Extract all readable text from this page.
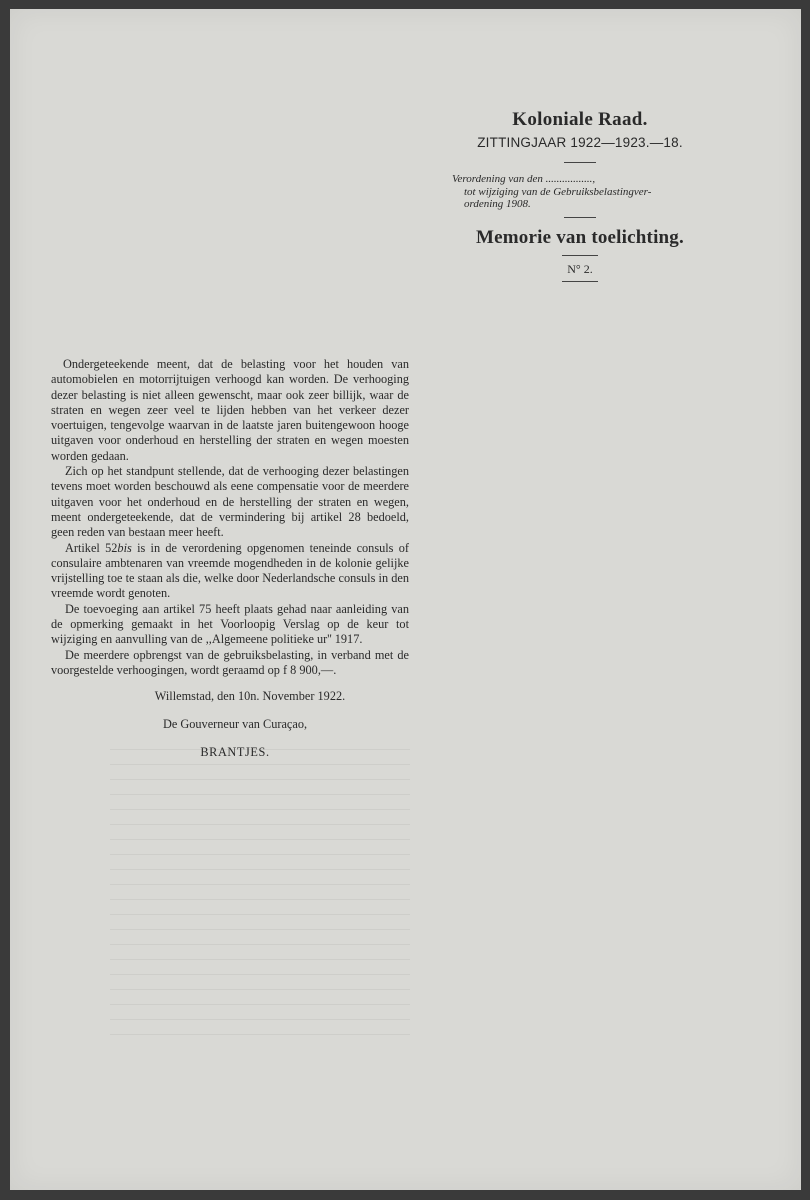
Koloniale Raad.
ZITTINGJAAR 1922—1923.—18.
Verordening van den .................,
tot wijziging van de Gebruiksbelastingver-
ordening 1908.
Memorie van toelichting.
N° 2.

Ondergeteekende meent, dat de belasting voor het houden van automobielen en motorrijtuigen verhoogd kan worden. De verhooging dezer belasting is niet alleen gewenscht, maar ook zeer billijk, waar de straten en wegen zeer veel te lijden hebben van het verkeer dezer voertuigen, tengevolge waarvan in de laatste jaren buitengewoon hooge uitgaven voor onderhoud en herstelling der straten en wegen moesten worden gedaan.

Zich op het standpunt stellende, dat de verhooging dezer belastingen tevens moet worden beschouwd als eene compensatie voor de meerdere uitgaven voor het onderhoud en de herstelling der straten en wegen, meent ondergeteekende, dat de vermindering bij artikel 28 bedoeld, geen reden van bestaan meer heeft.

Artikel 52bis is in de verordening opgenomen teneinde consuls of consulaire ambtenaren van vreemde mogendheden in de kolonie gelijke vrijstelling toe te staan als die, welke door Nederlandsche consuls in den vreemde wordt genoten.

De toevoeging aan artikel 75 heeft plaats gehad naar aanleiding van de opmerking gemaakt in het Voorloopig Verslag op de keur tot wijziging en aanvulling van de ,,Algemeene politieke ur'' 1917.

De meerdere opbrengst van de gebruiksbelasting, in verband met de voorgestelde verhoogingen, wordt geraamd op f 8 900,—.

Willemstad, den 10n. November 1922.
De Gouverneur van Curaçao,
BRANTJES.
